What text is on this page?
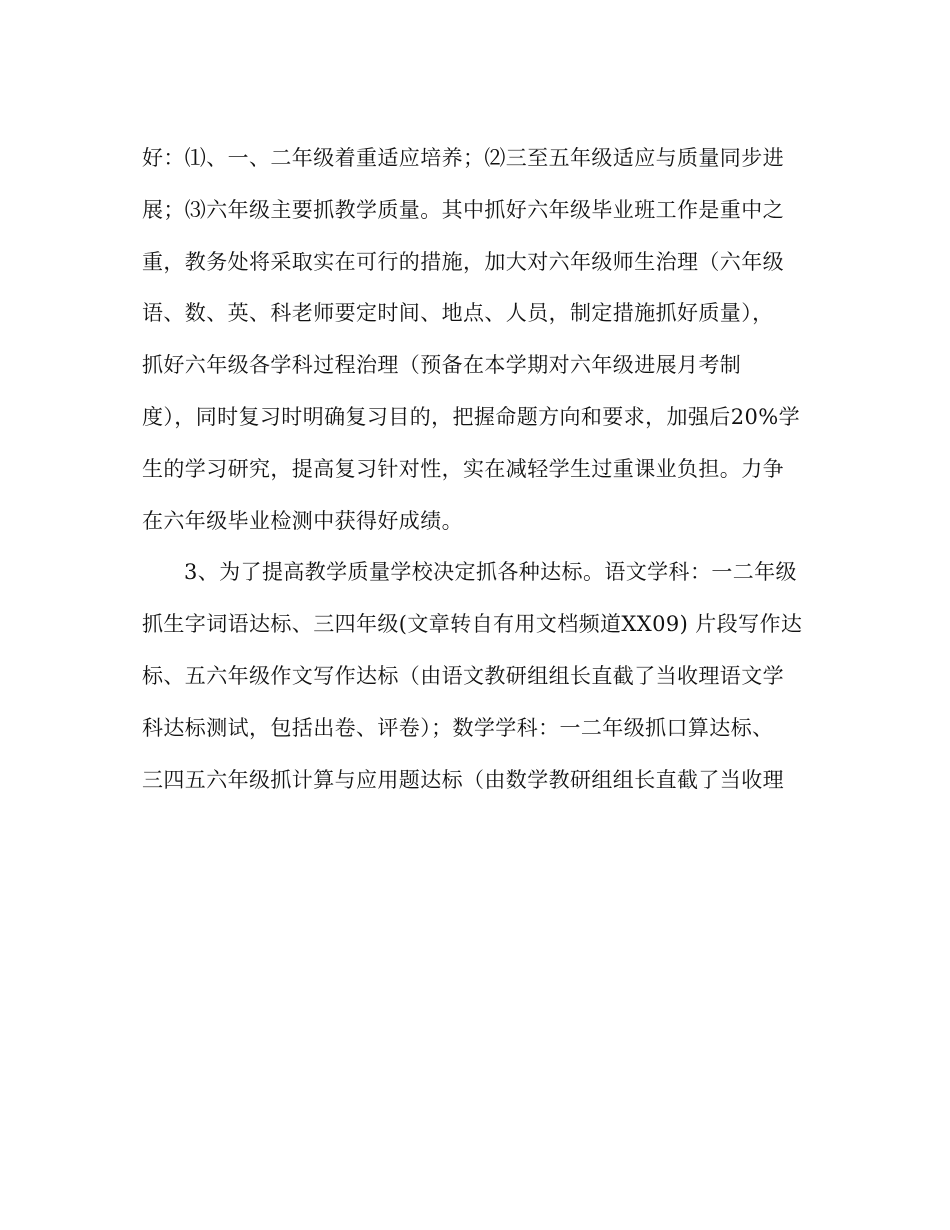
好：⑴、一、二年级着重适应培养；⑵三至五年级适应与质量同步进
展；⑶六年级主要抓教学质量。其中抓好六年级毕业班工作是重中之
重，教务处将采取实在可行的措施，加大对六年级师生治理（六年级
语、数、英、科老师要定时间、地点、人员，制定措施抓好质量），
抓好六年级各学科过程治理（预备在本学期对六年级进展月考制
度），同时复习时明确复习目的，把握命题方向和要求，加强后20%学
生的学习研究，提高复习针对性，实在减轻学生过重课业负担。力争
在六年级毕业检测中获得好成绩。
3、为了提高教学质量学校决定抓各种达标。语文学科：一二年级
抓生字词语达标、三四年级(文章转自有用文档频道XX09) 片段写作达
标、五六年级作文写作达标（由语文教研组组长直截了当收理语文学
科达标测试，包括出卷、评卷）；数学学科：一二年级抓口算达标、
三四五六年级抓计算与应用题达标（由数学教研组组长直截了当收理
